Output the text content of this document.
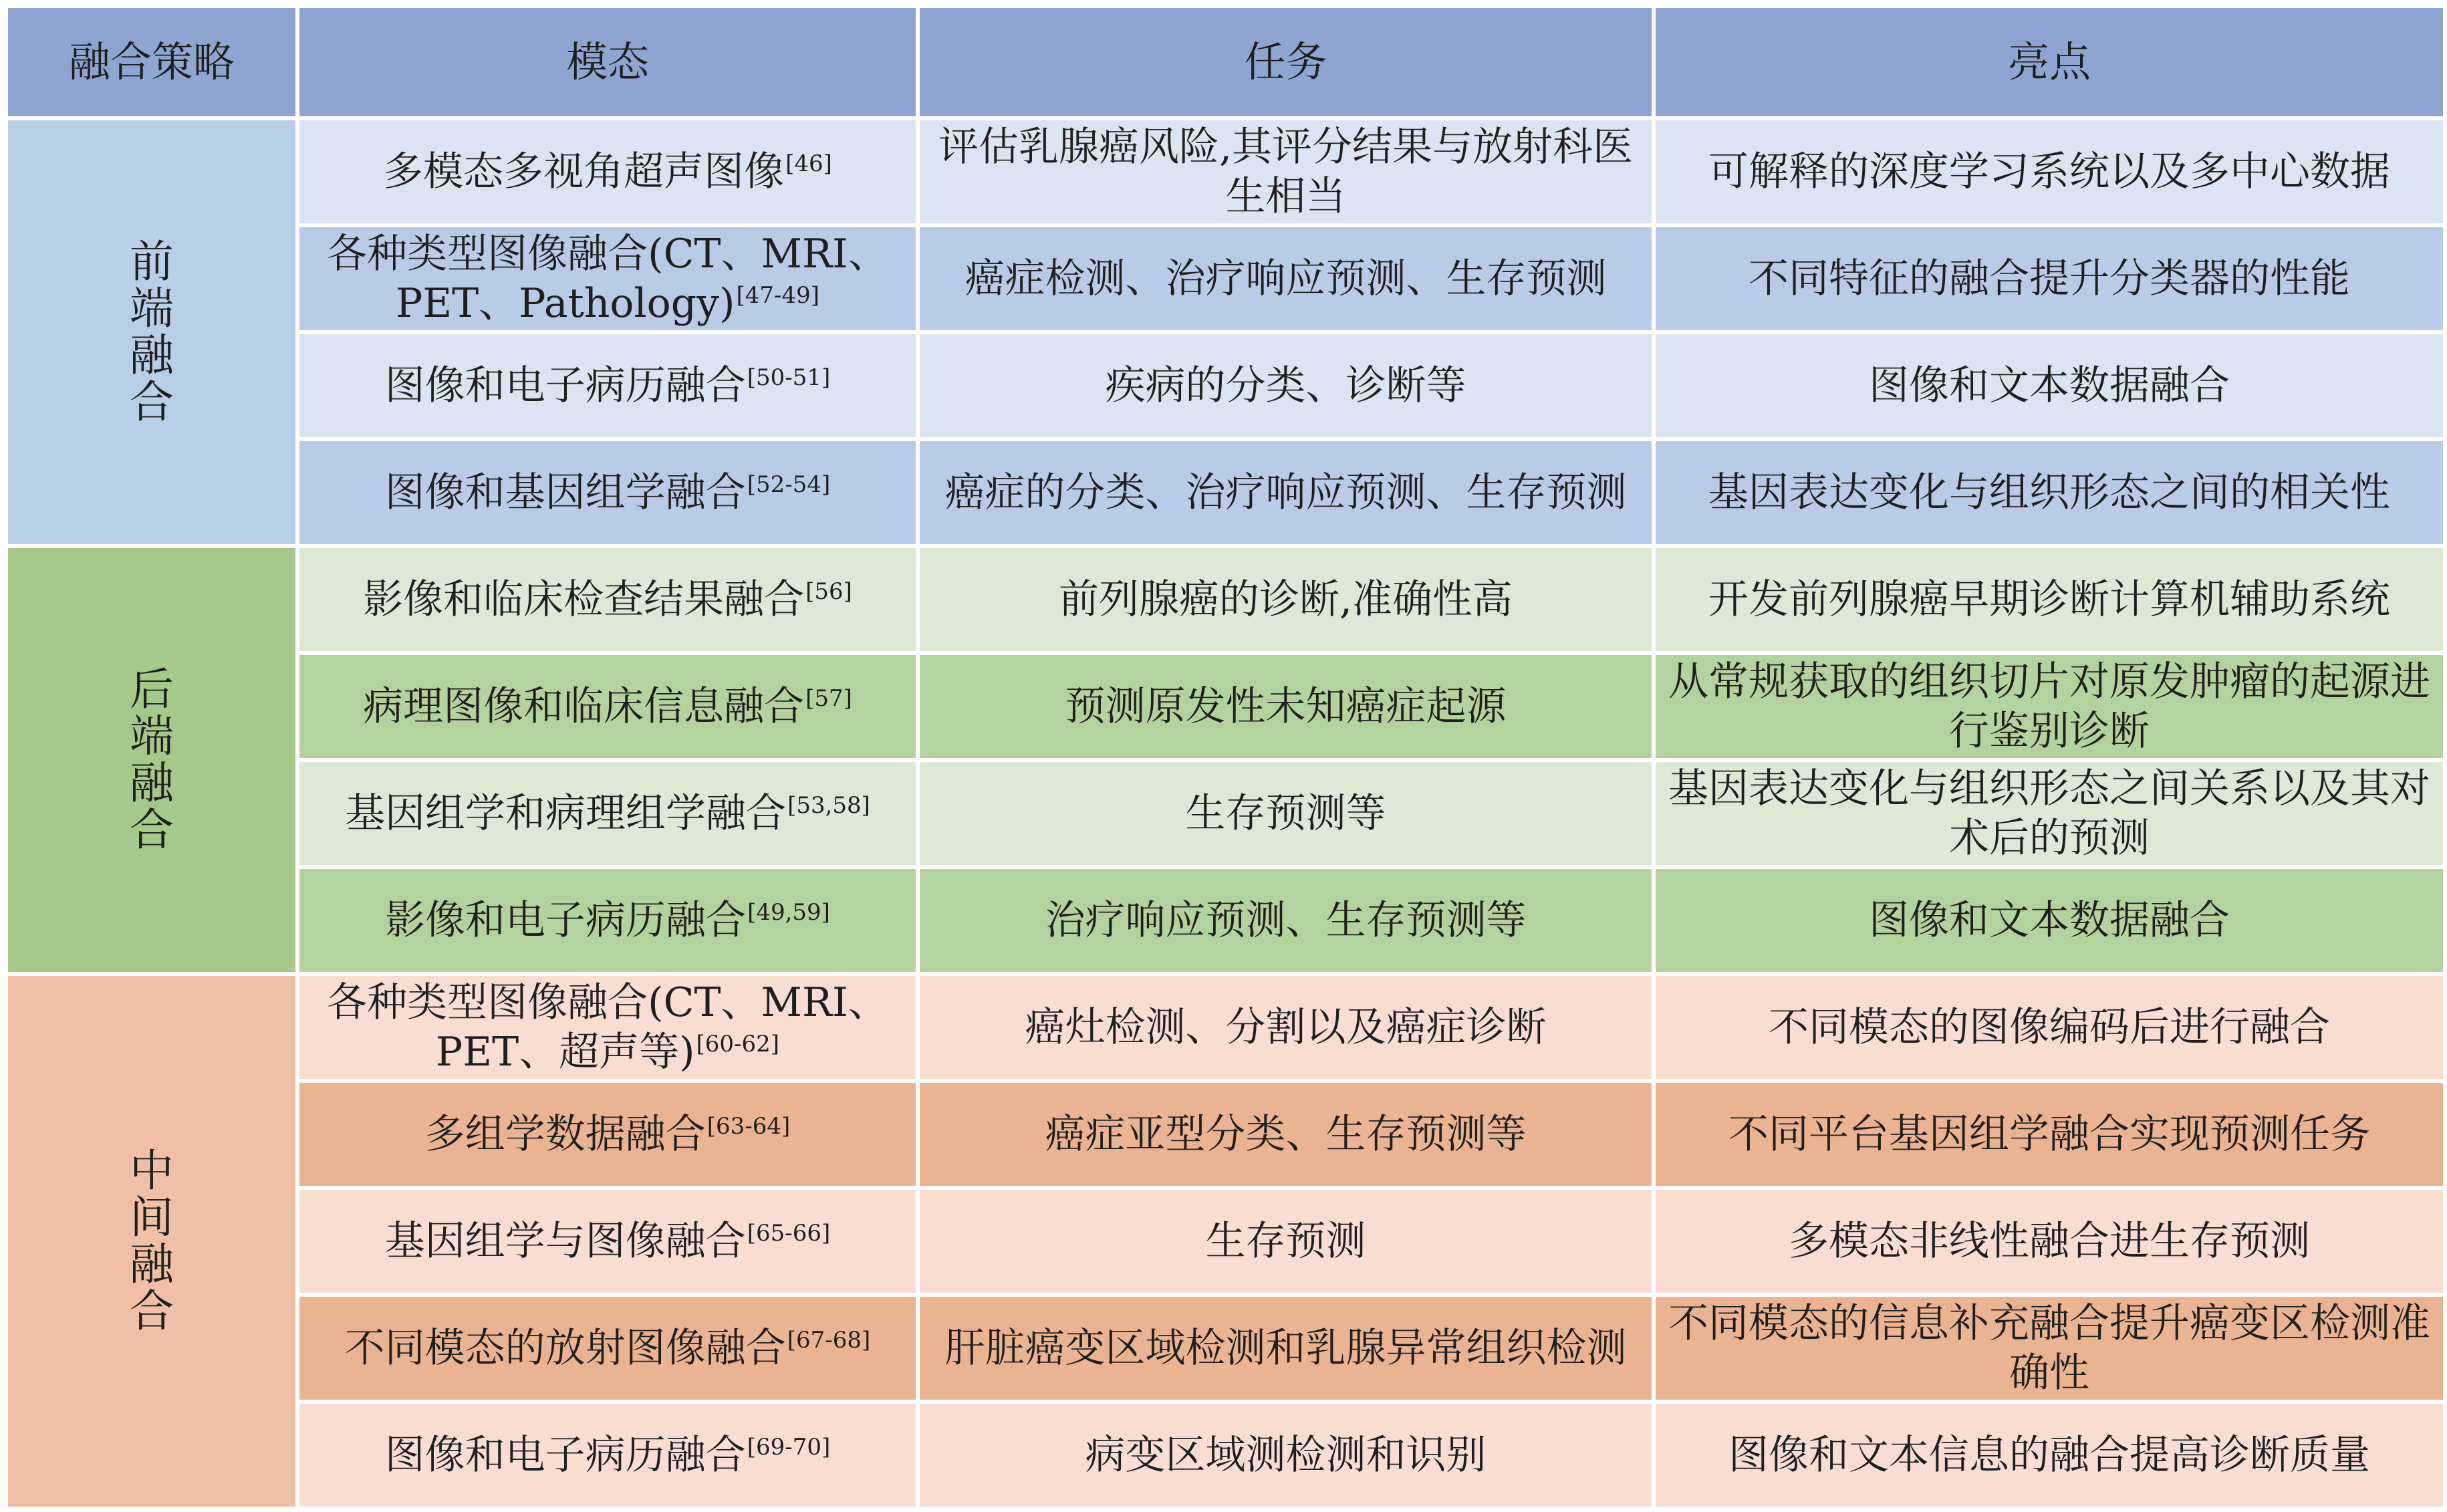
融合策略	模态	任务	亮点
前端融合	多模态多视角超声图像[46]	评估乳腺癌风险,其评分结果与放射科医生相当	可解释的深度学习系统以及多中心数据
	各种类型图像融合(CT、MRI、PET、Pathology)[47-49]	癌症检测、治疗响应预测、生存预测	不同特征的融合提升分类器的性能
	图像和电子病历融合[50-51]	疾病的分类、诊断等	图像和文本数据融合
	图像和基因组学融合[52-54]	癌症的分类、治疗响应预测、生存预测	基因表达变化与组织形态之间的相关性
后端融合	影像和临床检查结果融合[56]	前列腺癌的诊断,准确性高	开发前列腺癌早期诊断计算机辅助系统
	病理图像和临床信息融合[57]	预测原发性未知癌症起源	从常规获取的组织切片对原发肿瘤的起源进行鉴别诊断
	基因组学和病理组学融合[53,58]	生存预测等	基因表达变化与组织形态之间关系以及其对术后的预测
	影像和电子病历融合[49,59]	治疗响应预测、生存预测等	图像和文本数据融合
中间融合	各种类型图像融合(CT、MRI、PET、超声等)[60-62]	癌灶检测、分割以及癌症诊断	不同模态的图像编码后进行融合
	多组学数据融合[63-64]	癌症亚型分类、生存预测等	不同平台基因组学融合实现预测任务
	基因组学与图像融合[65-66]	生存预测	多模态非线性融合进生存预测
	不同模态的放射图像融合[67-68]	肝脏癌变区域检测和乳腺异常组织检测	不同模态的信息补充融合提升癌变区检测准确性
	图像和电子病历融合[69-70]	病变区域测检测和识别	图像和文本信息的融合提高诊断质量
